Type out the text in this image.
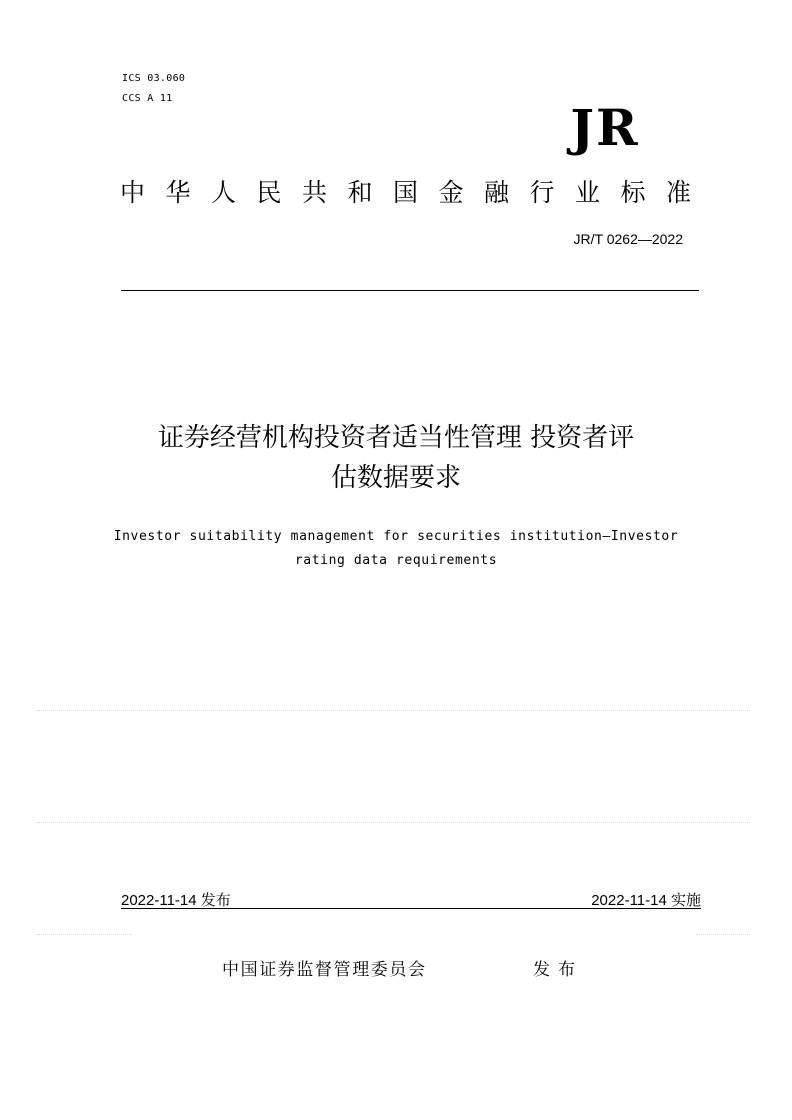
ICS 03.060
CCS A 11	JR
中华人民共和国金融行业标准
JR/T 0262—2022
证券经营机构投资者适当性管理 投资者评
估数据要求
Investor suitability management for securities institution—Investor
rating data requirements
2022-11-14 发布	2022-11-14 实施
中国证券监督管理委员会	发布
